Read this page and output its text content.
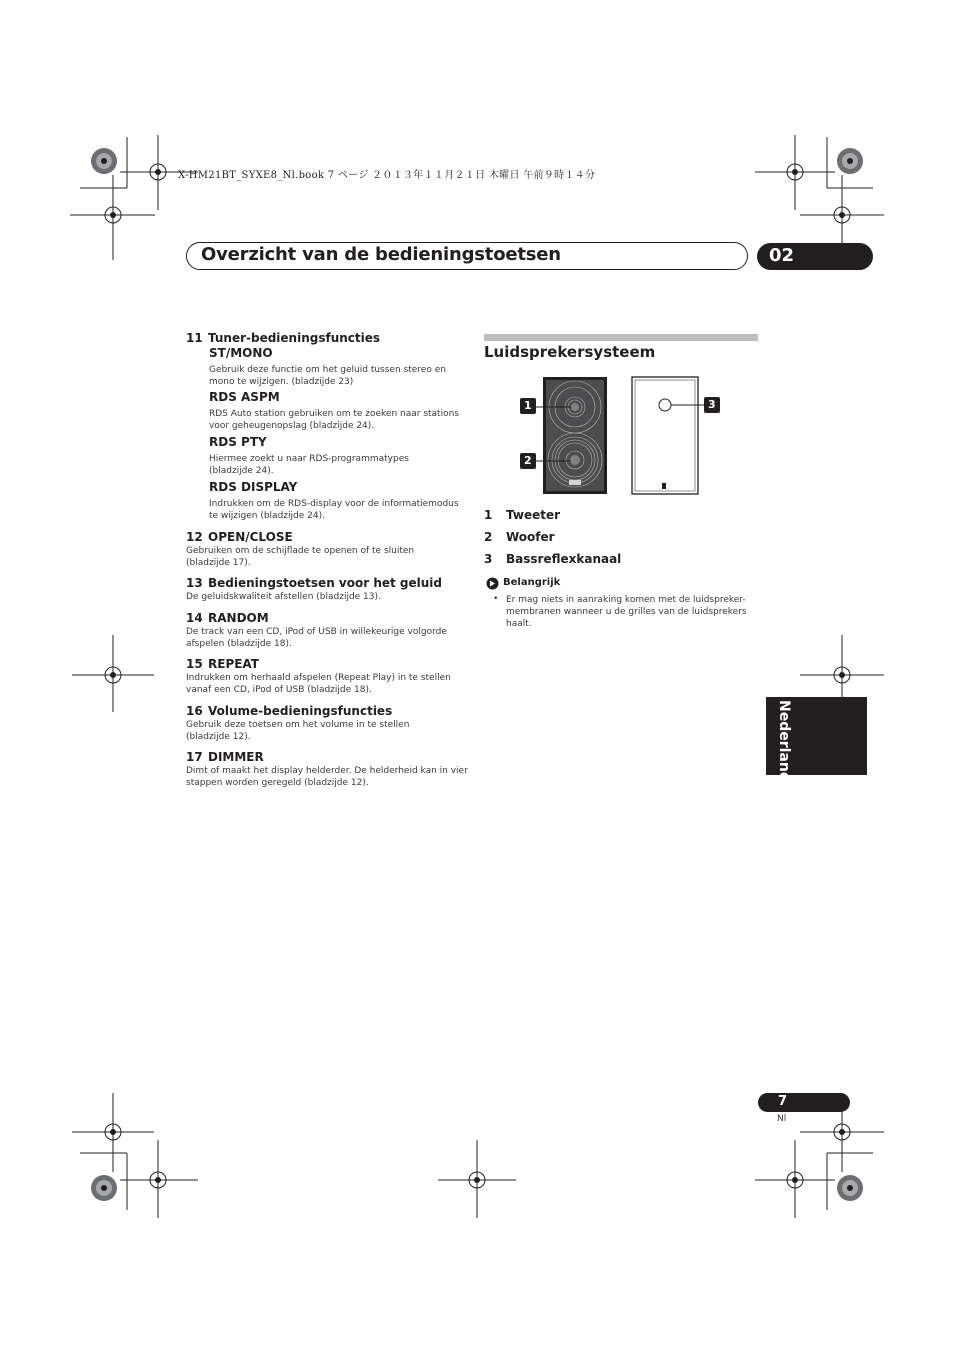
X-HM21BT_SYXE8_Nl.book 7 ページ ２０１３年１１月２１日 木曜日 午前９時１４分
Overzicht van de bedieningstoetsen	02
11 Tuner-bedieningsfuncties
ST/MONO
Gebruik deze functie om het geluid tussen stereo en
mono te wijzigen. (bladzijde 23)
RDS ASPM
RDS Auto station gebruiken om te zoeken naar stations
voor geheugenopslag (bladzijde 24).
RDS PTY
Hiermee zoekt u naar RDS-programmatypes
(bladzijde 24).
RDS DISPLAY
Indrukken om de RDS-display voor de informatiemodus
te wijzigen (bladzijde 24).
12 OPEN/CLOSE
Gebruiken om de schijflade te openen of te sluiten
(bladzijde 17).
13 Bedieningstoetsen voor het geluid
De geluidskwaliteit afstellen (bladzijde 13).
14 RANDOM
De track van een CD, iPod of USB in willekeurige volgorde
afspelen (bladzijde 18).
15 REPEAT
Indrukken om herhaald afspelen (Repeat Play) in te stellen
vanaf een CD, iPod of USB (bladzijde 18).
16 Volume-bedieningsfuncties
Gebruik deze toetsen om het volume in te stellen
(bladzijde 12).
17 DIMMER
Dimt of maakt het display helderder. De helderheid kan in vier
stappen worden geregeld (bladzijde 12).
Luidsprekersysteem
1
2
3
1 Tweeter
2 Woofer
3 Bassreflexkanaal
Belangrijk
• Er mag niets in aanraking komen met de luidspreker-
membranen wanneer u de grilles van de luidsprekers
haalt.
Nederlands
7
Nl
